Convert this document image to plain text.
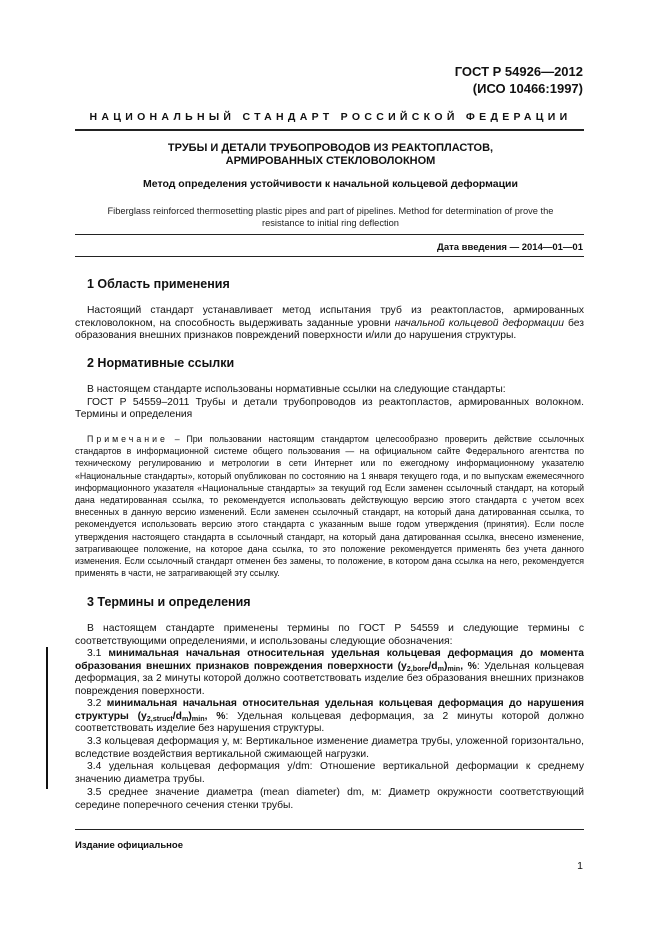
ГОСТ Р 54926—2012
(ИСО 10466:1997)
НАЦИОНАЛЬНЫЙ СТАНДАРТ РОССИЙСКОЙ ФЕДЕРАЦИИ
ТРУБЫ И ДЕТАЛИ ТРУБОПРОВОДОВ ИЗ РЕАКТОПЛАСТОВ,
АРМИРОВАННЫХ СТЕКЛОВОЛОКНОМ
Метод определения устойчивости к начальной кольцевой деформации
Fiberglass reinforced thermosetting plastic pipes and part of pipelines. Method for determination of prove the
resistance to initial ring deflection
Дата введения — 2014—01—01
1 Область применения

Настоящий стандарт устанавливает метод испытания труб из реактопластов, армированных стекловолокном, на способность выдерживать заданные уровни начальной кольцевой деформации без образования внешних признаков повреждений поверхности и/или до нарушения структуры.

2 Нормативные ссылки

В настоящем стандарте использованы нормативные ссылки на следующие стандарты:

ГОСТ Р 54559–2011 Трубы и детали трубопроводов из реактопластов, армированных волокном. Термины и определения

Примечание – При пользовании настоящим стандартом целесообразно проверить действие ссылочных стандартов в информационной системе общего пользования — на официальном сайте Федерального агентства по техническому регулированию и метрологии в сети Интернет или по ежегодному информационному указателю «Национальные стандарты», который опубликован по состоянию на 1 января текущего года, и по выпускам ежемесячного информационного указателя «Национальные стандарты» за текущий год Если заменен ссылочный стандарт, на который дана недатированная ссылка, то рекомендуется использовать действующую версию этого стандарта с учетом всех внесенных в данную версию изменений. Если заменен ссылочный стандарт, на который дана датированная ссылка, то рекомендуется использовать версию этого стандарта с указанным выше годом утверждения (принятия). Если после утверждения настоящего стандарта в ссылочный стандарт, на который дана датированная ссылка, внесено изменение, затрагивающее положение, на которое дана ссылка, то это положение рекомендуется применять без учета данного изменения. Если ссылочный стандарт отменен без замены, то положение, в котором дана ссылка на него, рекомендуется применять в части, не затрагивающей эту ссылку.

3 Термины и определения

В настоящем стандарте применены термины по ГОСТ Р 54559 и следующие термины с соответствующими определениями, и использованы следующие обозначения:

3.1 минимальная начальная относительная удельная кольцевая деформация до момента образования внешних признаков повреждения поверхности $(y_{2,bore}/d_m)_{min}$, %: Удельная кольцевая деформация, за 2 минуты которой должно соответствовать изделие без образования внешних признаков повреждения поверхности.

3.2 минимальная начальная относительная удельная кольцевая деформация до нарушения структуры $(y_{2,struct}/d_m)_{min}$, %: Удельная кольцевая деформация, за 2 минуты которой должно соответствовать изделие без нарушения структуры.

3.3 кольцевая деформация y, м: Вертикальное изменение диаметра трубы, уложенной горизонтально, вследствие воздействия вертикальной сжимающей нагрузки.

3.4 удельная кольцевая деформация y/dm: Отношение вертикальной деформации к среднему значению диаметра трубы.

3.5 среднее значение диаметра (mean diameter) dm, м: Диаметр окружности соответствующий середине поперечного сечения стенки трубы.

Издание официальное
1
